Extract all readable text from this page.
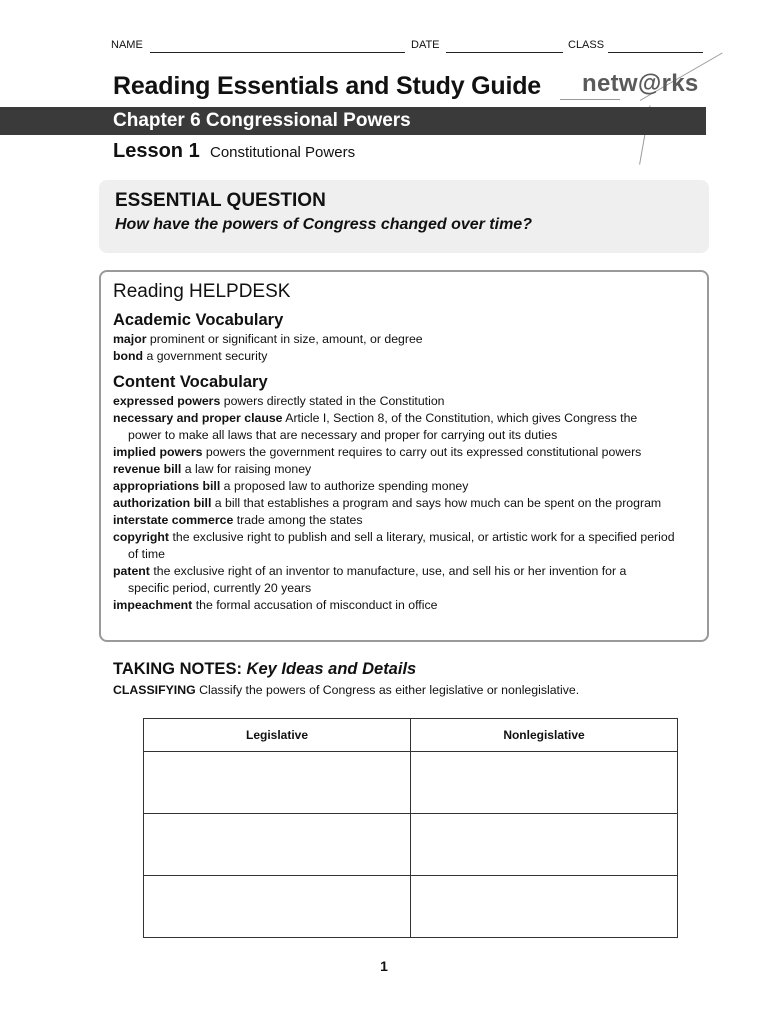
NAME	DATE	CLASS
Reading Essentials and Study Guide netw@rks
Chapter 6 Congressional Powers
Lesson 1 Constitutional Powers
ESSENTIAL QUESTION
How have the powers of Congress changed over time?
Reading HELPDESK
Academic Vocabulary
major prominent or significant in size, amount, or degree
bond a government security
Content Vocabulary
expressed powers powers directly stated in the Constitution
necessary and proper clause Article I, Section 8, of the Constitution, which gives Congress the
power to make all laws that are necessary and proper for carrying out its duties
implied powers powers the government requires to carry out its expressed constitutional powers
revenue bill a law for raising money
appropriations bill a proposed law to authorize spending money
authorization bill a bill that establishes a program and says how much can be spent on the program
interstate commerce trade among the states
copyright the exclusive right to publish and sell a literary, musical, or artistic work for a specified period
of time
patent the exclusive right of an inventor to manufacture, use, and sell his or her invention for a
specific period, currently 20 years
impeachment the formal accusation of misconduct in office
TAKING NOTES: Key Ideas and Details
CLASSIFYING Classify the powers of Congress as either legislative or nonlegislative.
Legislative	Nonlegislative

1
